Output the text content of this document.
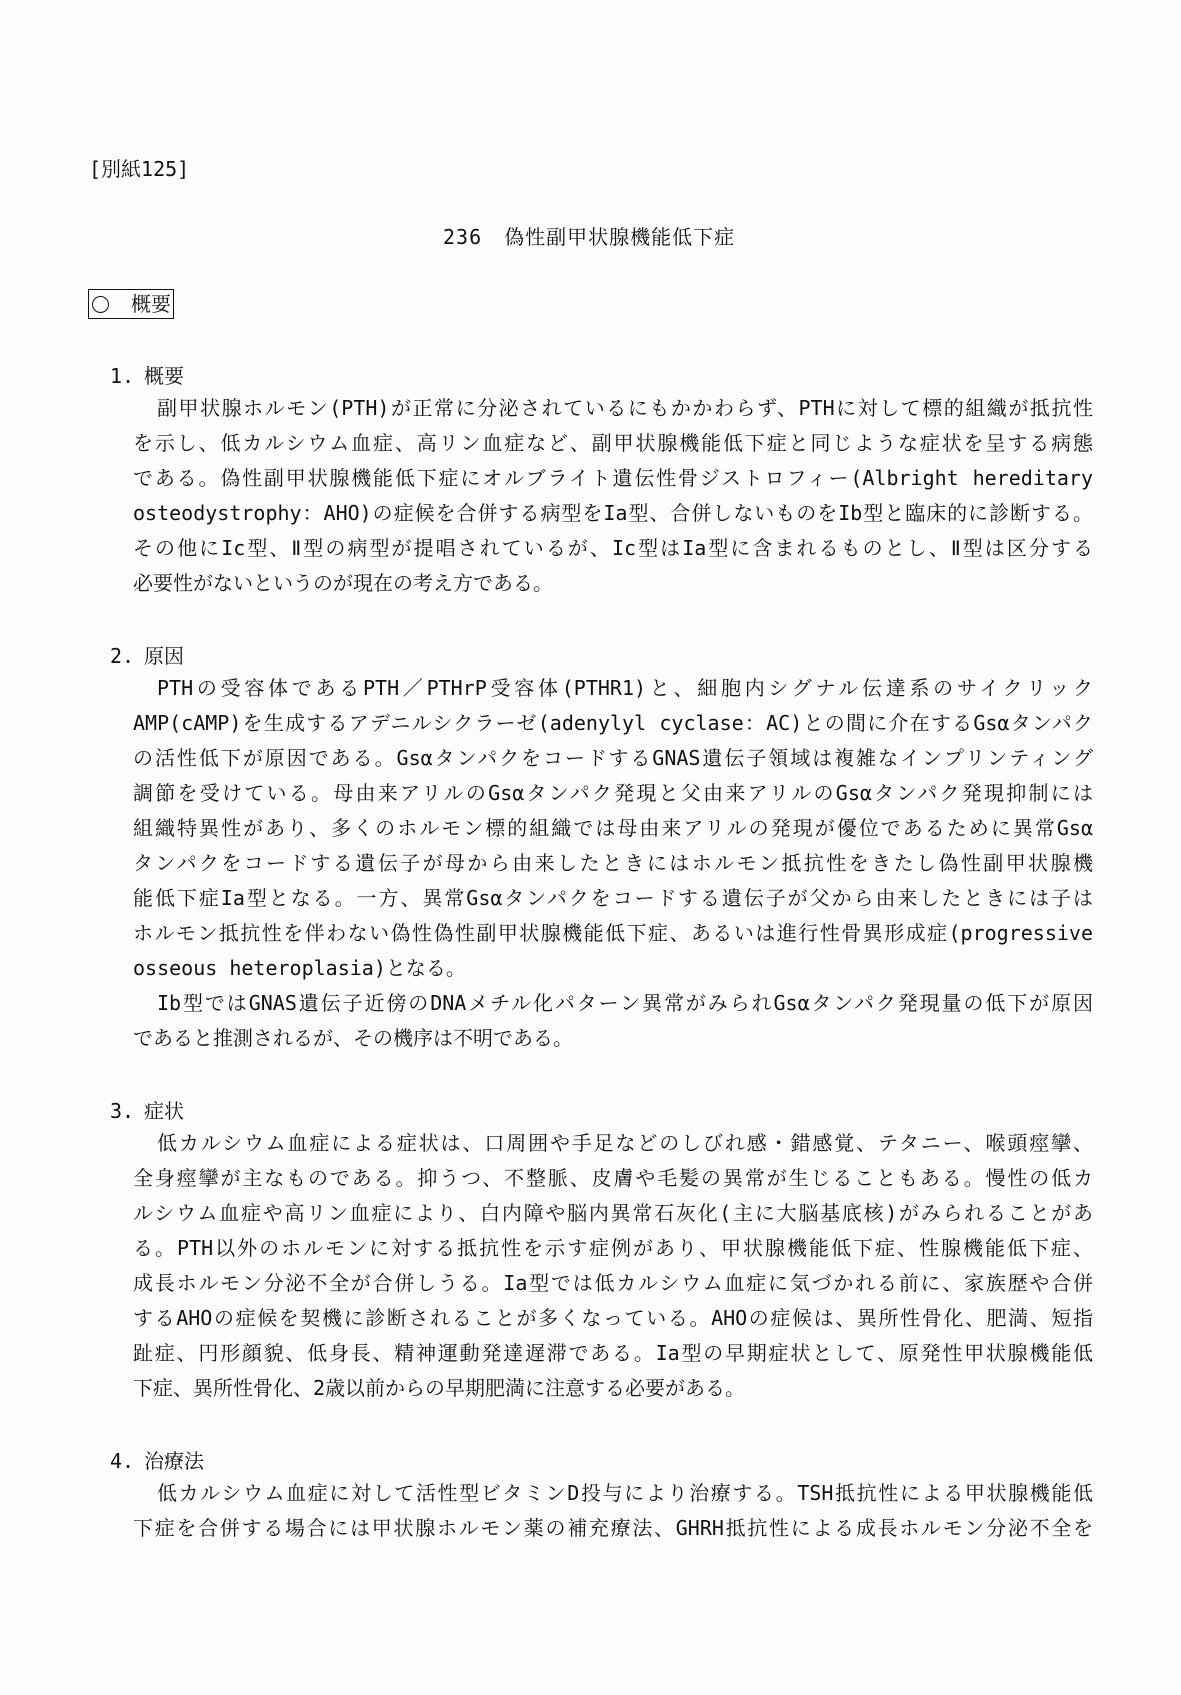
[別紙125]
236 偽性副甲状腺機能低下症
概要
1. 概要
副甲状腺ホルモン(PTH)が正常に分泌されているにもかかわらず、PTHに対して標的組織が抵抗性
を示し、低カルシウム血症、高リン血症など、副甲状腺機能低下症と同じような症状を呈する病態
である。偽性副甲状腺機能低下症にオルブライト遺伝性骨ジストロフィー(Albright hereditary
osteodystrophy：AHO)の症候を合併する病型をIa型、合併しないものをIb型と臨床的に診断する。
その他にIc型、Ⅱ型の病型が提唱されているが、Ic型はIa型に含まれるものとし、Ⅱ型は区分する
必要性がないというのが現在の考え方である。
2. 原因
PTHの受容体であるPTH／PTHrP受容体(PTHR1)と、細胞内シグナル伝達系のサイクリック
AMP(cAMP)を生成するアデニルシクラーゼ(adenylyl cyclase：AC)との間に介在するGsαタンパク
の活性低下が原因である。GsαタンパクをコードするGNAS遺伝子領域は複雑なインプリンティング
調節を受けている。母由来アリルのGsαタンパク発現と父由来アリルのGsαタンパク発現抑制には
組織特異性があり、多くのホルモン標的組織では母由来アリルの発現が優位であるために異常Gsα
タンパクをコードする遺伝子が母から由来したときにはホルモン抵抗性をきたし偽性副甲状腺機
能低下症Ia型となる。一方、異常Gsαタンパクをコードする遺伝子が父から由来したときには子は
ホルモン抵抗性を伴わない偽性偽性副甲状腺機能低下症、あるいは進行性骨異形成症(progressive
osseous heteroplasia)となる。
Ib型ではGNAS遺伝子近傍のDNAメチル化パターン異常がみられGsαタンパク発現量の低下が原因
であると推測されるが、その機序は不明である。
3. 症状
低カルシウム血症による症状は、口周囲や手足などのしびれ感・錯感覚、テタニー、喉頭痙攣、
全身痙攣が主なものである。抑うつ、不整脈、皮膚や毛髪の異常が生じることもある。慢性の低カ
ルシウム血症や高リン血症により、白内障や脳内異常石灰化(主に大脳基底核)がみられることがあ
る。PTH以外のホルモンに対する抵抗性を示す症例があり、甲状腺機能低下症、性腺機能低下症、
成長ホルモン分泌不全が合併しうる。Ia型では低カルシウム血症に気づかれる前に、家族歴や合併
するAHOの症候を契機に診断されることが多くなっている。AHOの症候は、異所性骨化、肥満、短指
趾症、円形顔貌、低身長、精神運動発達遅滞である。Ia型の早期症状として、原発性甲状腺機能低
下症、異所性骨化、2歳以前からの早期肥満に注意する必要がある。
4. 治療法
低カルシウム血症に対して活性型ビタミンD投与により治療する。TSH抵抗性による甲状腺機能低
下症を合併する場合には甲状腺ホルモン薬の補充療法、GHRH抵抗性による成長ホルモン分泌不全を
